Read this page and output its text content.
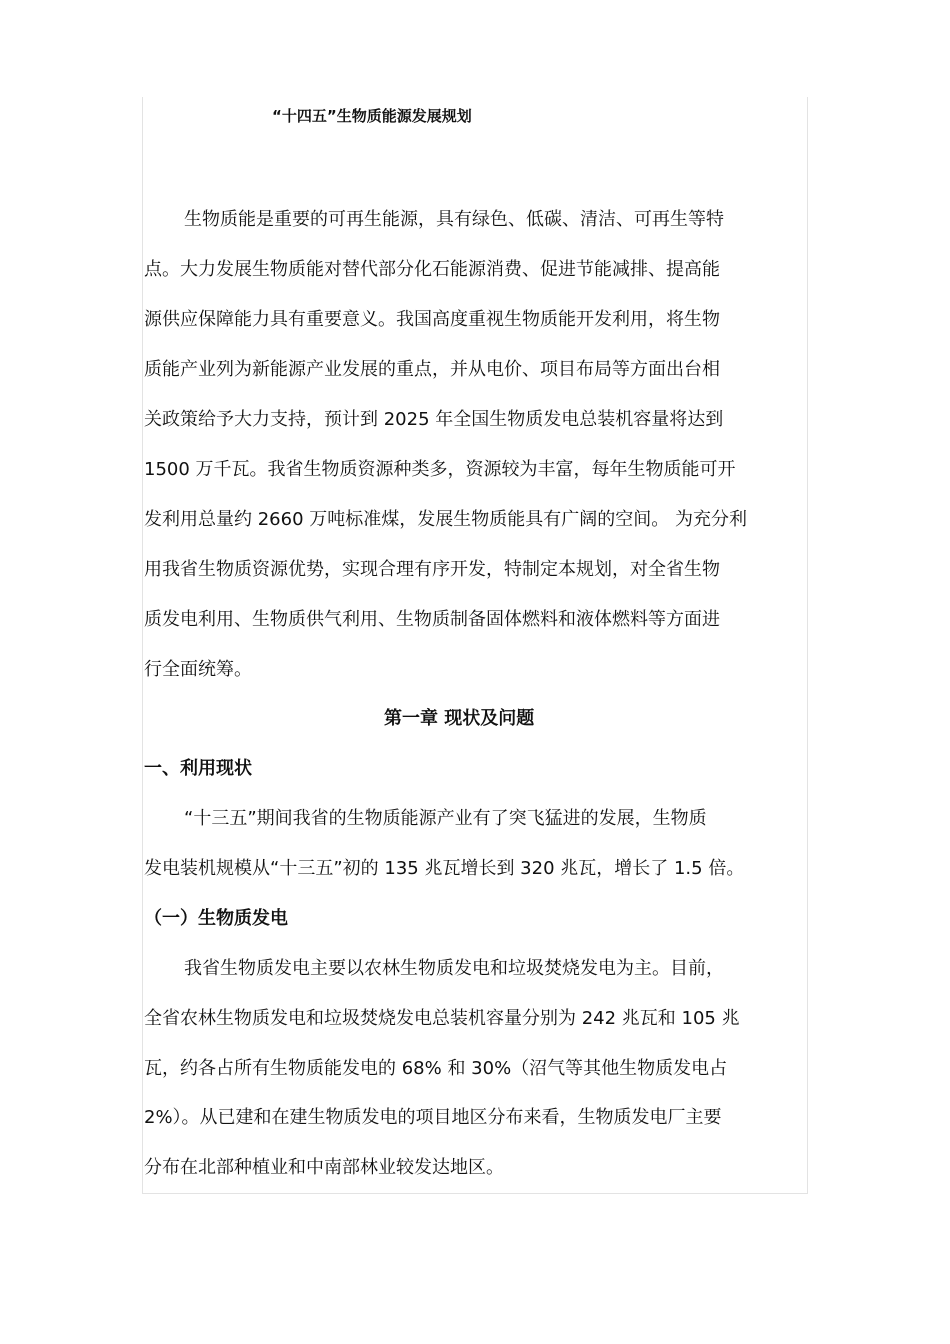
“十四五”生物质能源发展规划
生物质能是重要的可再生能源，具有绿色、低碳、清洁、可再生等特
点。大力发展生物质能对替代部分化石能源消费、促进节能减排、提高能
源供应保障能力具有重要意义。我国高度重视生物质能开发利用，将生物
质能产业列为新能源产业发展的重点，并从电价、项目布局等方面出台相
关政策给予大力支持，预计到 2025 年全国生物质发电总装机容量将达到
1500 万千瓦。我省生物质资源种类多，资源较为丰富，每年生物质能可开
发利用总量约 2660 万吨标准煤，发展生物质能具有广阔的空间。 为充分利
用我省生物质资源优势，实现合理有序开发，特制定本规划，对全省生物
质发电利用、生物质供气利用、生物质制备固体燃料和液体燃料等方面进
行全面统筹。
第一章 现状及问题
一、利用现状
“十三五”期间我省的生物质能源产业有了突飞猛进的发展，生物质
发电装机规模从“十三五”初的 135 兆瓦增长到 320 兆瓦，增长了 1.5 倍。
（一）生物质发电
我省生物质发电主要以农林生物质发电和垃圾焚烧发电为主。目前，
全省农林生物质发电和垃圾焚烧发电总装机容量分别为 242 兆瓦和 105 兆
瓦，约各占所有生物质能发电的 68% 和 30%（沼气等其他生物质发电占
2%）。从已建和在建生物质发电的项目地区分布来看，生物质发电厂主要
分布在北部种植业和中南部林业较发达地区。
